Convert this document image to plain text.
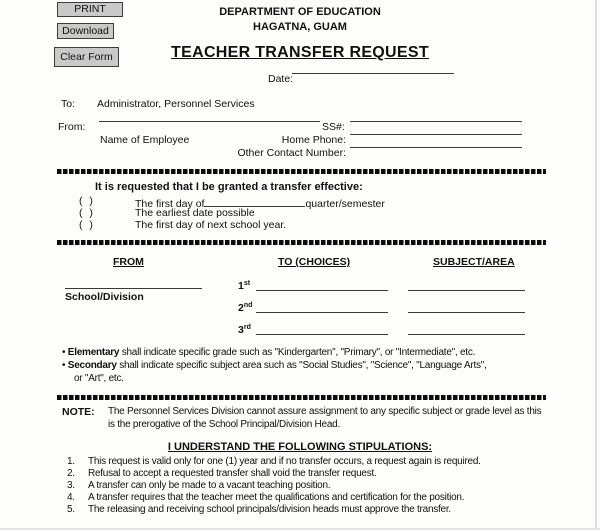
PRINT
Download
Clear Form
DEPARTMENT OF EDUCATION
HAGATNA, GUAM
TEACHER TRANSFER REQUEST
Date:
To: Administrator, Personnel Services
From:	SS#:
Name of Employee	Home Phone:
Other Contact Number:
It is requested that I be granted a transfer effective:
( )	The first day of	quarter/semester
( )	The earliest date possible
( )	The first day of next school year.
FROM	TO (CHOICES)	SUBJECT/AREA
School/Division
1st
2nd
3rd
• Elementary shall indicate specific grade such as "Kindergarten", "Primary", or "Intermediate", etc.
• Secondary shall indicate specific subject area such as "Social Studies", "Science", "Language Arts",
or "Art", etc.
NOTE: The Personnel Services Division cannot assure assignment to any specific subject or grade level as this
is the prerogative of the School Principal/Division Head.
I UNDERSTAND THE FOLLOWING STIPULATIONS:
1. This request is valid only for one (1) year and if no transfer occurs, a request again is required.
2. Refusal to accept a requested transfer shall void the transfer request.
3. A transfer can only be made to a vacant teaching position.
4. A transfer requires that the teacher meet the qualifications and certification for the position.
5. The releasing and receiving school principals/division heads must approve the transfer.
